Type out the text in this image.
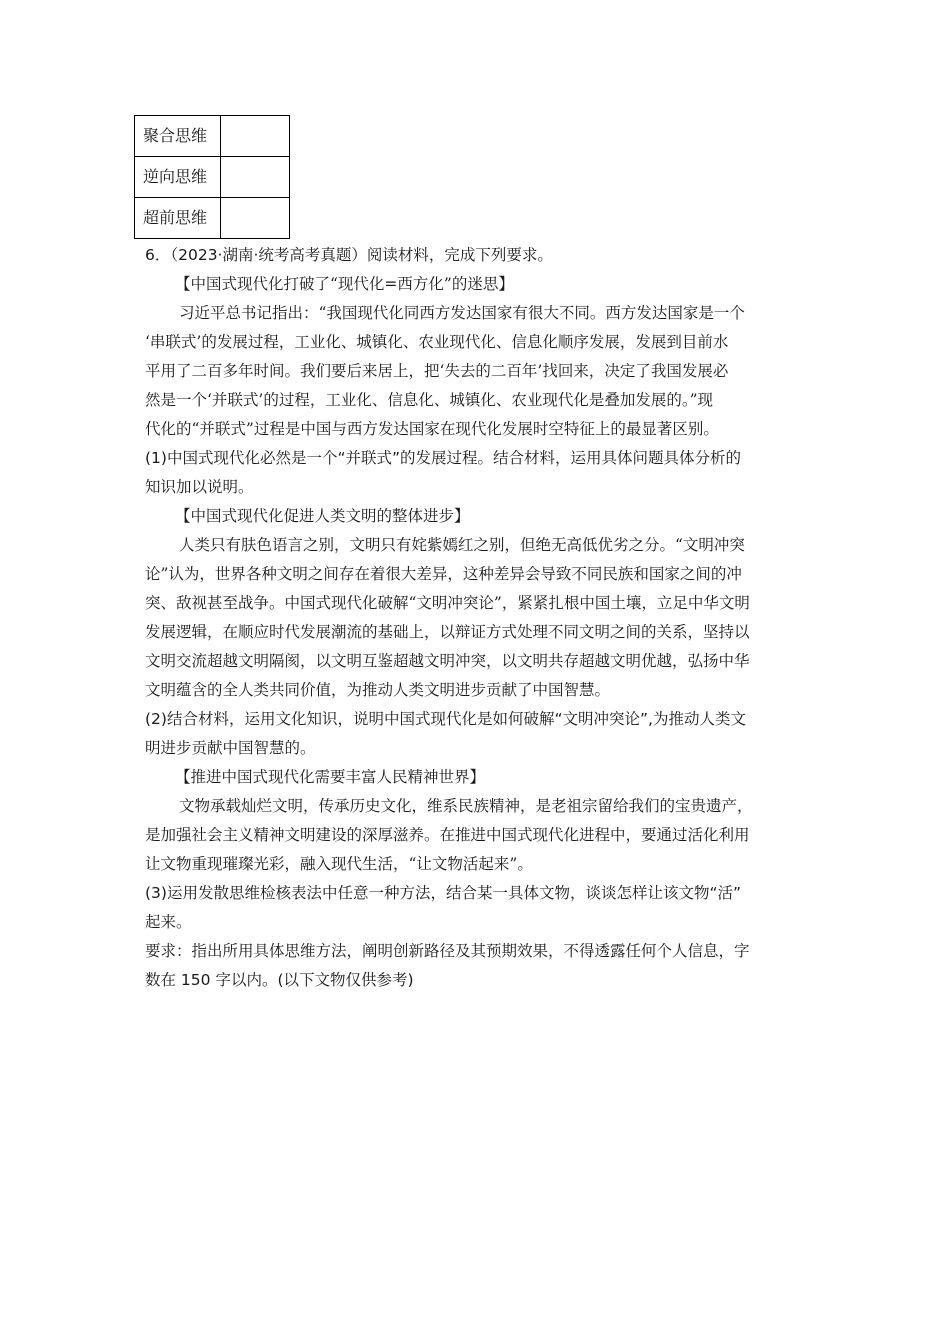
聚合思维	
逆向思维	
超前思维	
6．（2023·湖南·统考高考真题）阅读材料，完成下列要求。
【中国式现代化打破了“现代化=西方化”的迷思】
习近平总书记指出：“我国现代化同西方发达国家有很大不同。西方发达国家是一个
‘串联式’的发展过程，工业化、城镇化、农业现代化、信息化顺序发展，发展到目前水
平用了二百多年时间。我们要后来居上，把‘失去的二百年’找回来，决定了我国发展必
然是一个‘并联式’的过程，工业化、信息化、城镇化、农业现代化是叠加发展的。”现
代化的“并联式”过程是中国与西方发达国家在现代化发展时空特征上的最显著区别。
(1)中国式现代化必然是一个“并联式”的发展过程。结合材料，运用具体问题具体分析的
知识加以说明。
【中国式现代化促进人类文明的整体进步】
人类只有肤色语言之别，文明只有姹紫嫣红之别，但绝无高低优劣之分。“文明冲突
论”认为，世界各种文明之间存在着很大差异，这种差异会导致不同民族和国家之间的冲
突、敌视甚至战争。中国式现代化破解“文明冲突论”，紧紧扎根中国土壤，立足中华文明
发展逻辑，在顺应时代发展潮流的基础上，以辩证方式处理不同文明之间的关系，坚持以
文明交流超越文明隔阂，以文明互鉴超越文明冲突，以文明共存超越文明优越，弘扬中华
文明蕴含的全人类共同价值，为推动人类文明进步贡献了中国智慧。
(2)结合材料，运用文化知识，说明中国式现代化是如何破解“文明冲突论”,为推动人类文
明进步贡献中国智慧的。
【推进中国式现代化需要丰富人民精神世界】
文物承载灿烂文明，传承历史文化，维系民族精神，是老祖宗留给我们的宝贵遗产，
是加强社会主义精神文明建设的深厚滋养。在推进中国式现代化进程中，要通过活化利用
让文物重现璀璨光彩，融入现代生活，“让文物活起来”。
(3)运用发散思维检核表法中任意一种方法，结合某一具体文物，谈谈怎样让该文物“活”
起来。
要求：指出所用具体思维方法，阐明创新路径及其预期效果，不得透露任何个人信息，字
数在 150 字以内。(以下文物仅供参考)
